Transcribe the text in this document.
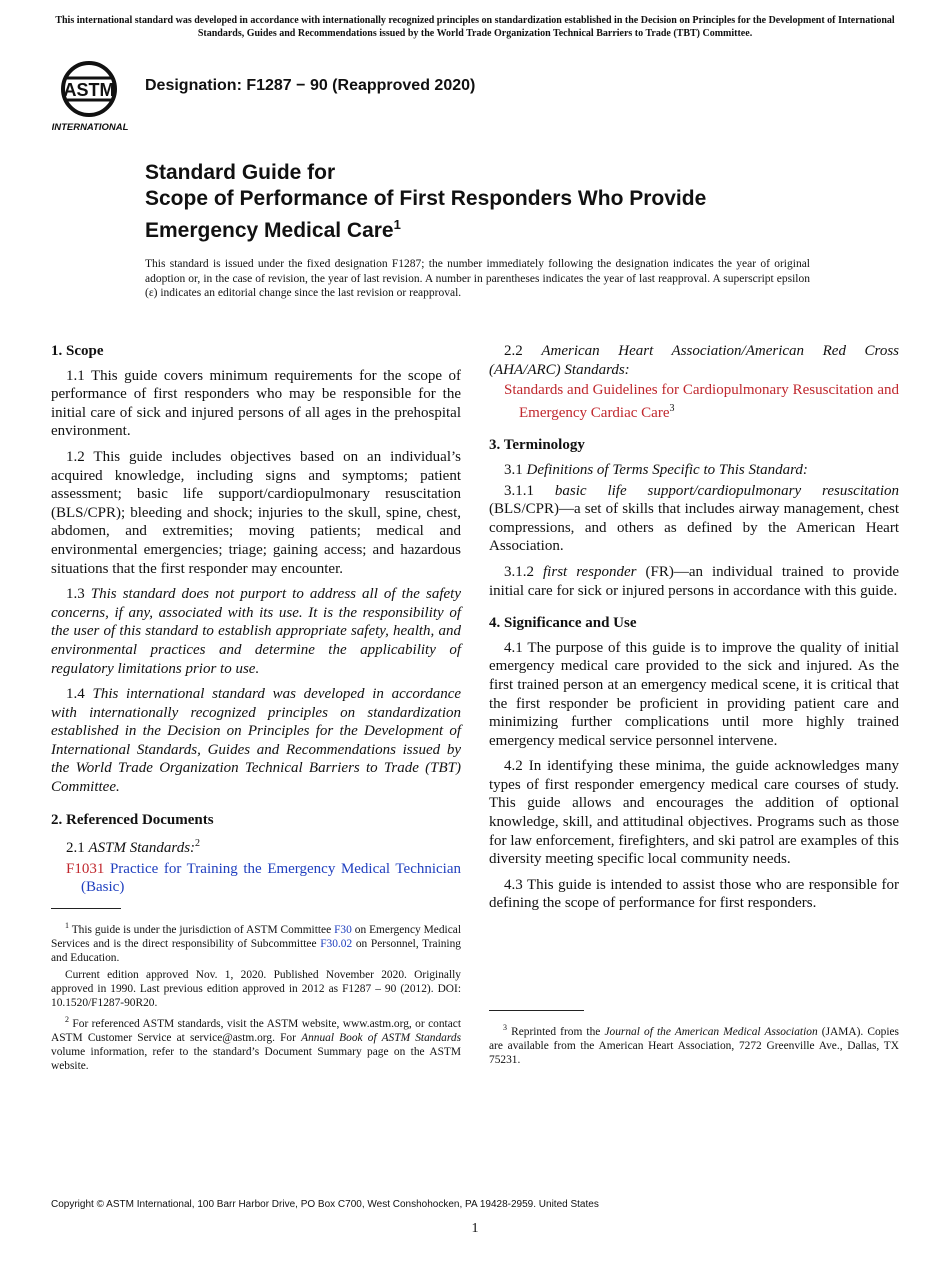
This international standard was developed in accordance with internationally recognized principles on standardization established in the Decision on Principles for the Development of International Standards, Guides and Recommendations issued by the World Trade Organization Technical Barriers to Trade (TBT) Committee.
ASTM
INTERNATIONAL
Designation: F1287 − 90 (Reapproved 2020)
Standard Guide for
Scope of Performance of First Responders Who Provide
Emergency Medical Care$^1$
This standard is issued under the fixed designation F1287; the number immediately following the designation indicates the year of original adoption or, in the case of revision, the year of last revision. A number in parentheses indicates the year of last reapproval. A superscript epsilon (ε) indicates an editorial change since the last revision or reapproval.
1. Scope

1.1 This guide covers minimum requirements for the scope of performance of first responders who may be responsible for the initial care of sick and injured persons of all ages in the prehospital environment.

1.2 This guide includes objectives based on an individual’s acquired knowledge, including signs and symptoms; patient assessment; basic life support/cardiopulmonary resuscitation (BLS/CPR); bleeding and shock; injuries to the skull, spine, chest, abdomen, and extremities; moving patients; medical and environmental emergencies; triage; gaining access; and hazardous situations that the first responder may encounter.

1.3 This standard does not purport to address all of the safety concerns, if any, associated with its use. It is the responsibility of the user of this standard to establish appropriate safety, health, and environmental practices and determine the applicability of regulatory limitations prior to use.

1.4 This international standard was developed in accordance with internationally recognized principles on standardization established in the Decision on Principles for the Development of International Standards, Guides and Recommendations issued by the World Trade Organization Technical Barriers to Trade (TBT) Committee.

2. Referenced Documents

2.1 ASTM Standards:$^2$

F1031 Practice for Training the Emergency Medical Technician (Basic)

$^1$ This guide is under the jurisdiction of ASTM Committee F30 on Emergency Medical Services and is the direct responsibility of Subcommittee F30.02 on Personnel, Training and Education.

Current edition approved Nov. 1, 2020. Published November 2020. Originally approved in 1990. Last previous edition approved in 2012 as F1287 – 90 (2012). DOI: 10.1520/F1287-90R20.

$^2$ For referenced ASTM standards, visit the ASTM website, www.astm.org, or contact ASTM Customer Service at service@astm.org. For Annual Book of ASTM Standards volume information, refer to the standard’s Document Summary page on the ASTM website.

2.2 American Heart Association/American Red Cross (AHA/ARC) Standards:

Standards and Guidelines for Cardiopulmonary Resuscitation and Emergency Cardiac Care$^3$
3. Terminology

3.1 Definitions of Terms Specific to This Standard:

3.1.1 basic life support/cardiopulmonary resuscitation (BLS/CPR)—a set of skills that includes airway management, chest compressions, and others as defined by the American Heart Association.

3.1.2 first responder (FR)—an individual trained to provide initial care for sick or injured persons in accordance with this guide.

4. Significance and Use

4.1 The purpose of this guide is to improve the quality of initial emergency medical care provided to the sick and injured. As the first trained person at an emergency medical scene, it is critical that the first responder be proficient in providing patient care and minimizing further complications until more highly trained emergency medical service personnel intervene.

4.2 In identifying these minima, the guide acknowledges many types of first responder emergency medical care courses of study. This guide allows and encourages the addition of optional knowledge, skill, and attitudinal objectives. Programs such as those for law enforcement, firefighters, and ski patrol are examples of this diversity meeting specific local community needs.

4.3 This guide is intended to assist those who are responsible for defining the scope of performance for first responders.

$^3$ Reprinted from the Journal of the American Medical Association (JAMA). Copies are available from the American Heart Association, 7272 Greenville Ave., Dallas, TX 75231.

Copyright © ASTM International, 100 Barr Harbor Drive, PO Box C700, West Conshohocken, PA 19428-2959. United States
1
